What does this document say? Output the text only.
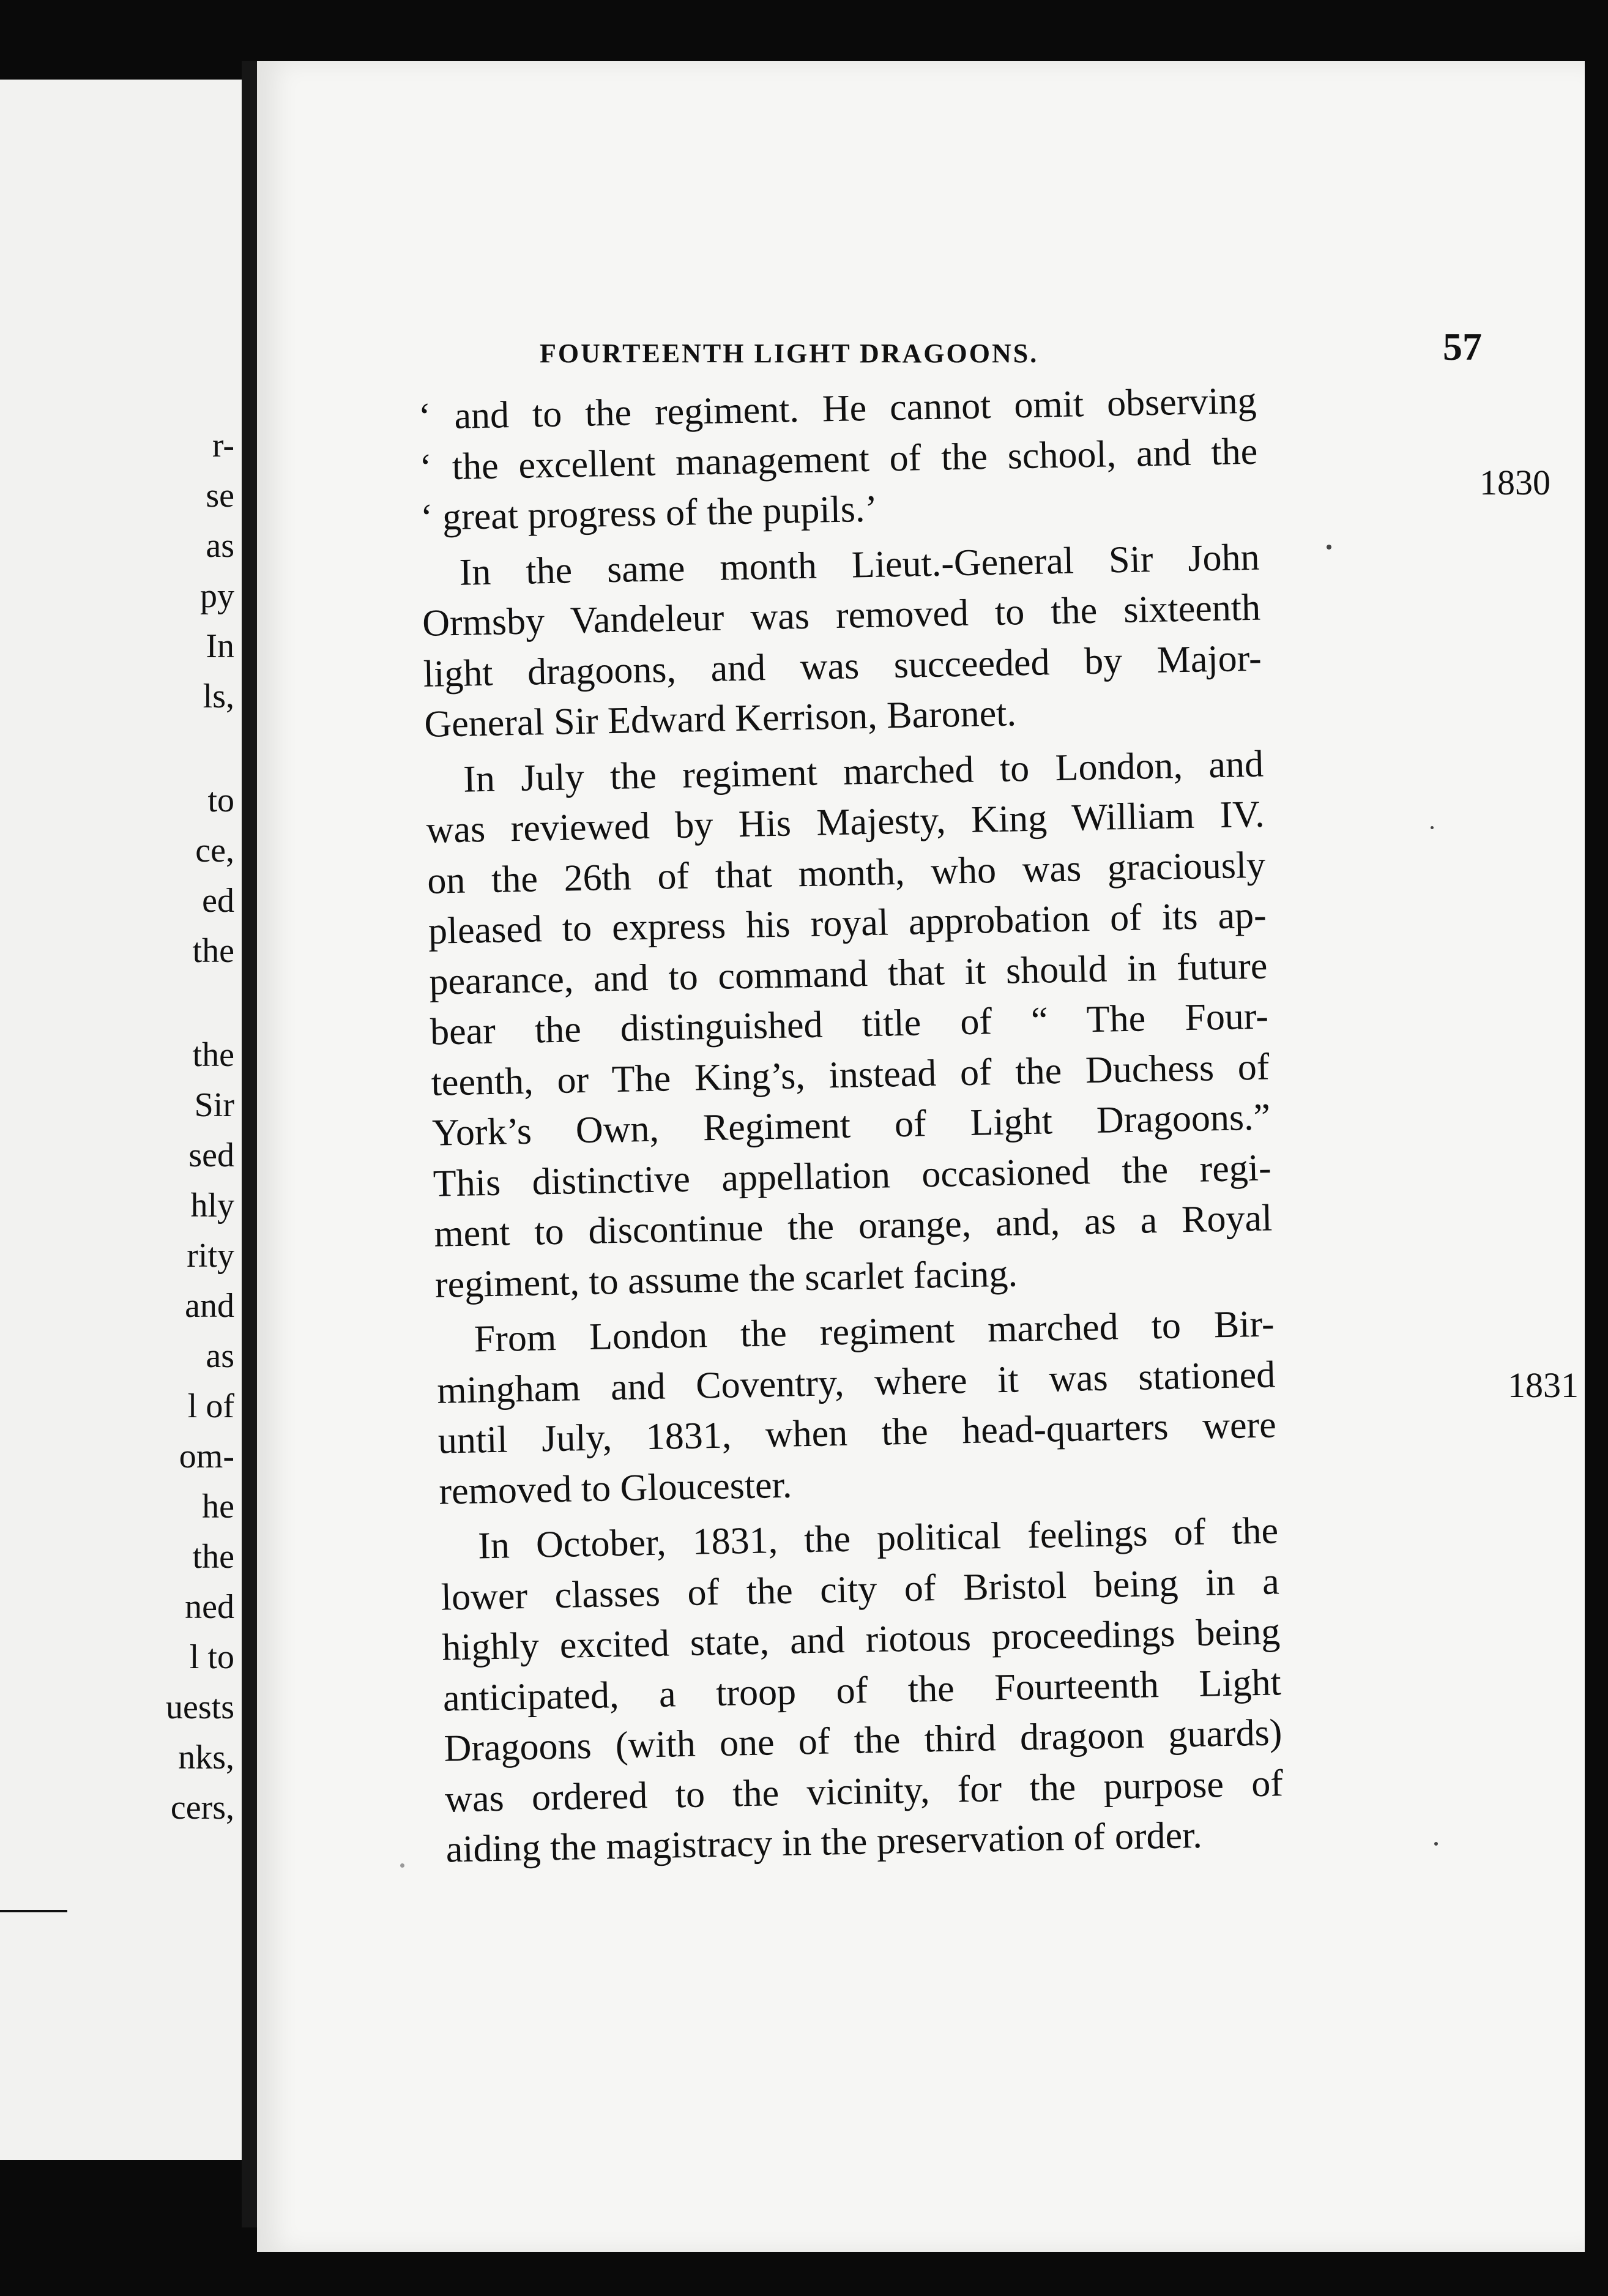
r-
se
as
py
In
ls,
to
ce,
ed
the
the
Sir
sed
hly
rity
and
as
l of
om-
he
the
ned
l to
uests
nks,
cers,
FOURTEENTH LIGHT DRAGOONS.	57
1830
1831

‘ and to the regiment. He cannot omit observing
‘ the excellent management of the school, and the
‘ great progress of the pupils.’

In the same month Lieut.-General Sir John
Ormsby Vandeleur was removed to the sixteenth
light dragoons, and was succeeded by Major-
General Sir Edward Kerrison, Baronet.

In July the regiment marched to London, and
was reviewed by His Majesty, King William IV.
on the 26th of that month, who was graciously
pleased to express his royal approbation of its ap-
pearance, and to command that it should in future
bear the distinguished title of “ The Four-
teenth, or The King’s, instead of the Duchess of
York’s Own, Regiment of Light Dragoons.”
This distinctive appellation occasioned the regi-
ment to discontinue the orange, and, as a Royal
regiment, to assume the scarlet facing.

From London the regiment marched to Bir-
mingham and Coventry, where it was stationed
until July, 1831, when the head-quarters were
removed to Gloucester.

In October, 1831, the political feelings of the
lower classes of the city of Bristol being in a
highly excited state, and riotous proceedings being
anticipated, a troop of the Fourteenth Light
Dragoons (with one of the third dragoon guards)
was ordered to the vicinity, for the purpose of
aiding the magistracy in the preservation of order.
